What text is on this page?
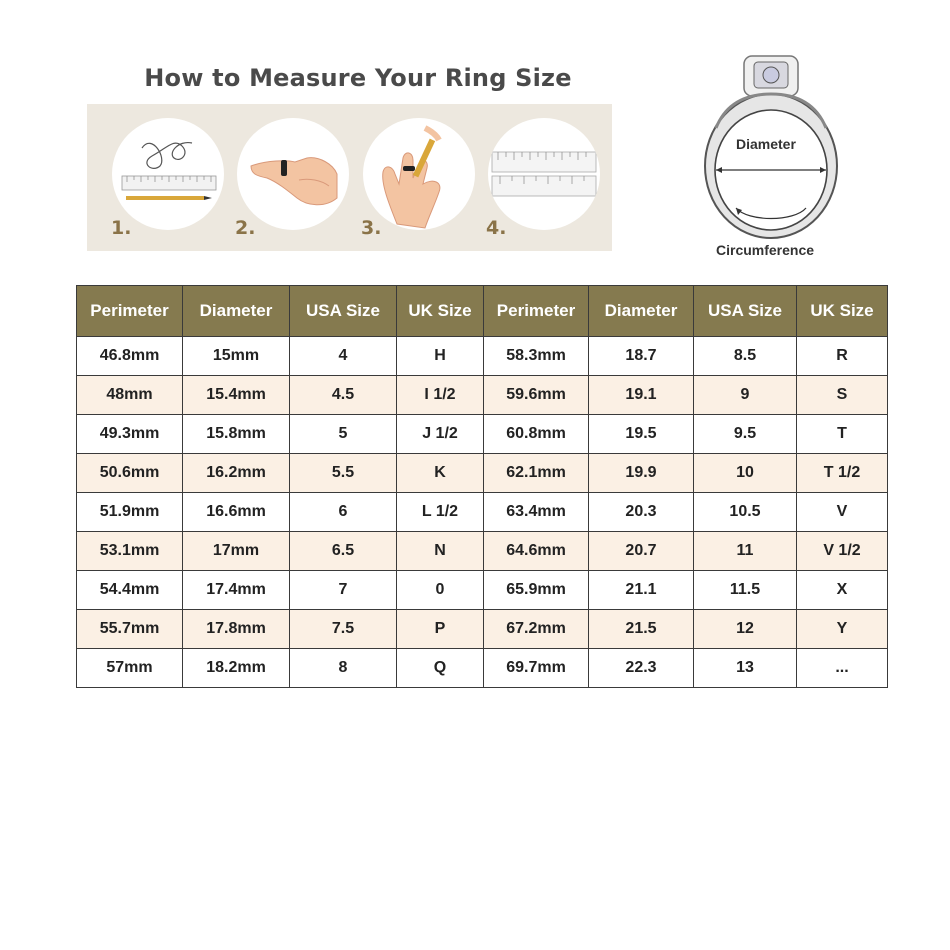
How to Measure Your Ring Size
1.	2.	3.	4.
Diameter
Circumference
Perimeter	Diameter	USA Size	UK Size	Perimeter	Diameter	USA Size	UK Size
46.8mm	15mm	4	H	58.3mm	18.7	8.5	R
48mm	15.4mm	4.5	I 1/2	59.6mm	19.1	9	S
49.3mm	15.8mm	5	J 1/2	60.8mm	19.5	9.5	T
50.6mm	16.2mm	5.5	K	62.1mm	19.9	10	T 1/2
51.9mm	16.6mm	6	L 1/2	63.4mm	20.3	10.5	V
53.1mm	17mm	6.5	N	64.6mm	20.7	11	V 1/2
54.4mm	17.4mm	7	0	65.9mm	21.1	11.5	X
55.7mm	17.8mm	7.5	P	67.2mm	21.5	12	Y
57mm	18.2mm	8	Q	69.7mm	22.3	13	...
